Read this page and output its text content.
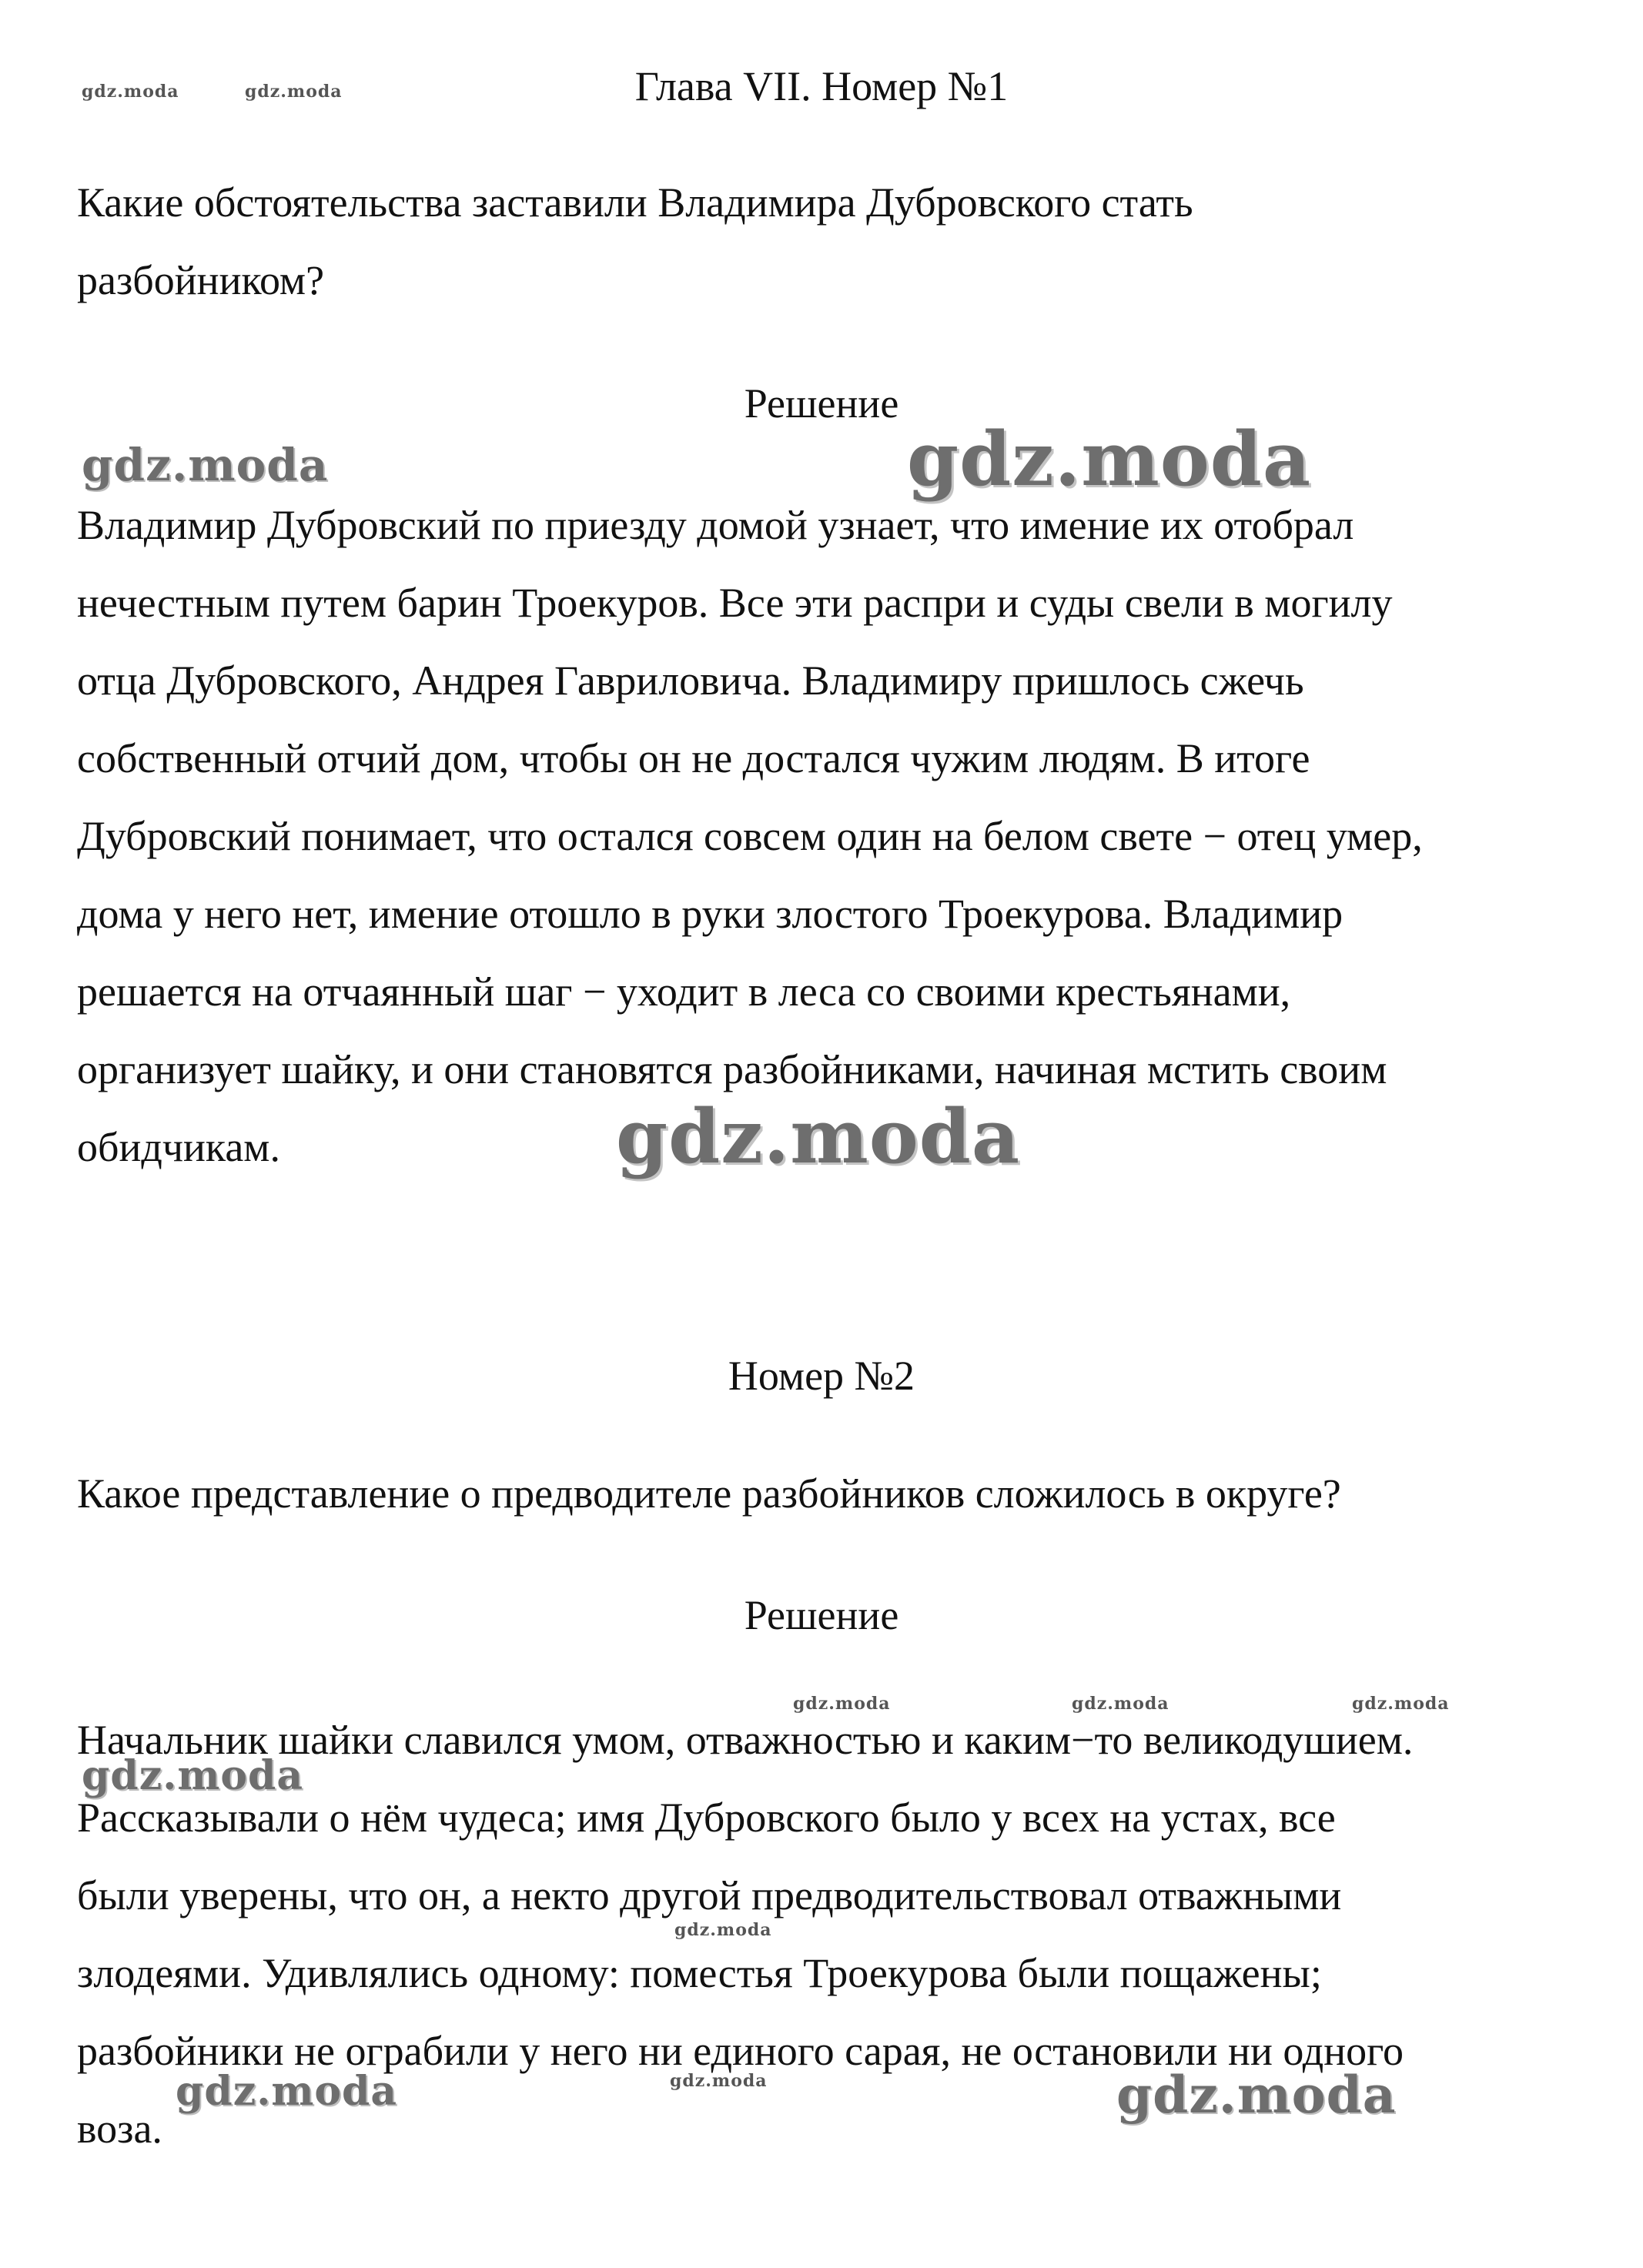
gdz.moda	gdz.moda	Глава VII. Номер №1
Какие обстоятельства заставили Владимира Дубровского стать
разбойником?
Решение
gdz.moda	gdz.moda
Владимир Дубровский по приезду домой узнает, что имение их отобрал
нечестным путем барин Троекуров. Все эти распри и суды свели в могилу
отца Дубровского, Андрея Гавриловича. Владимиру пришлось сжечь
собственный отчий дом, чтобы он не достался чужим людям. В итоге
Дубровский понимает, что остался совсем один на белом свете − отец умер,
дома у него нет, имение отошло в руки злостого Троекурова. Владимир
решается на отчаянный шаг − уходит в леса со своими крестьянами,
организует шайку, и они становятся разбойниками, начиная мстить своим
обидчикам.	gdz.moda
Номер №2
Какое представление о предводителе разбойников сложилось в округе?
Решение
gdz.moda	gdz.moda	gdz.moda
Начальник шайки славился умом, отважностью и каким−то великодушием.
Рассказывали о нём чудеса; имя Дубровского было у всех на устах, все
были уверены, что он, а некто другой предводительствовал отважными
злодеями. Удивлялись одному: поместья Троекурова были пощажены;
разбойники не ограбили у него ни единого сарая, не остановили ни одного
воза.
gdz.moda
gdz.moda
gdz.moda	gdz.moda	gdz.moda
